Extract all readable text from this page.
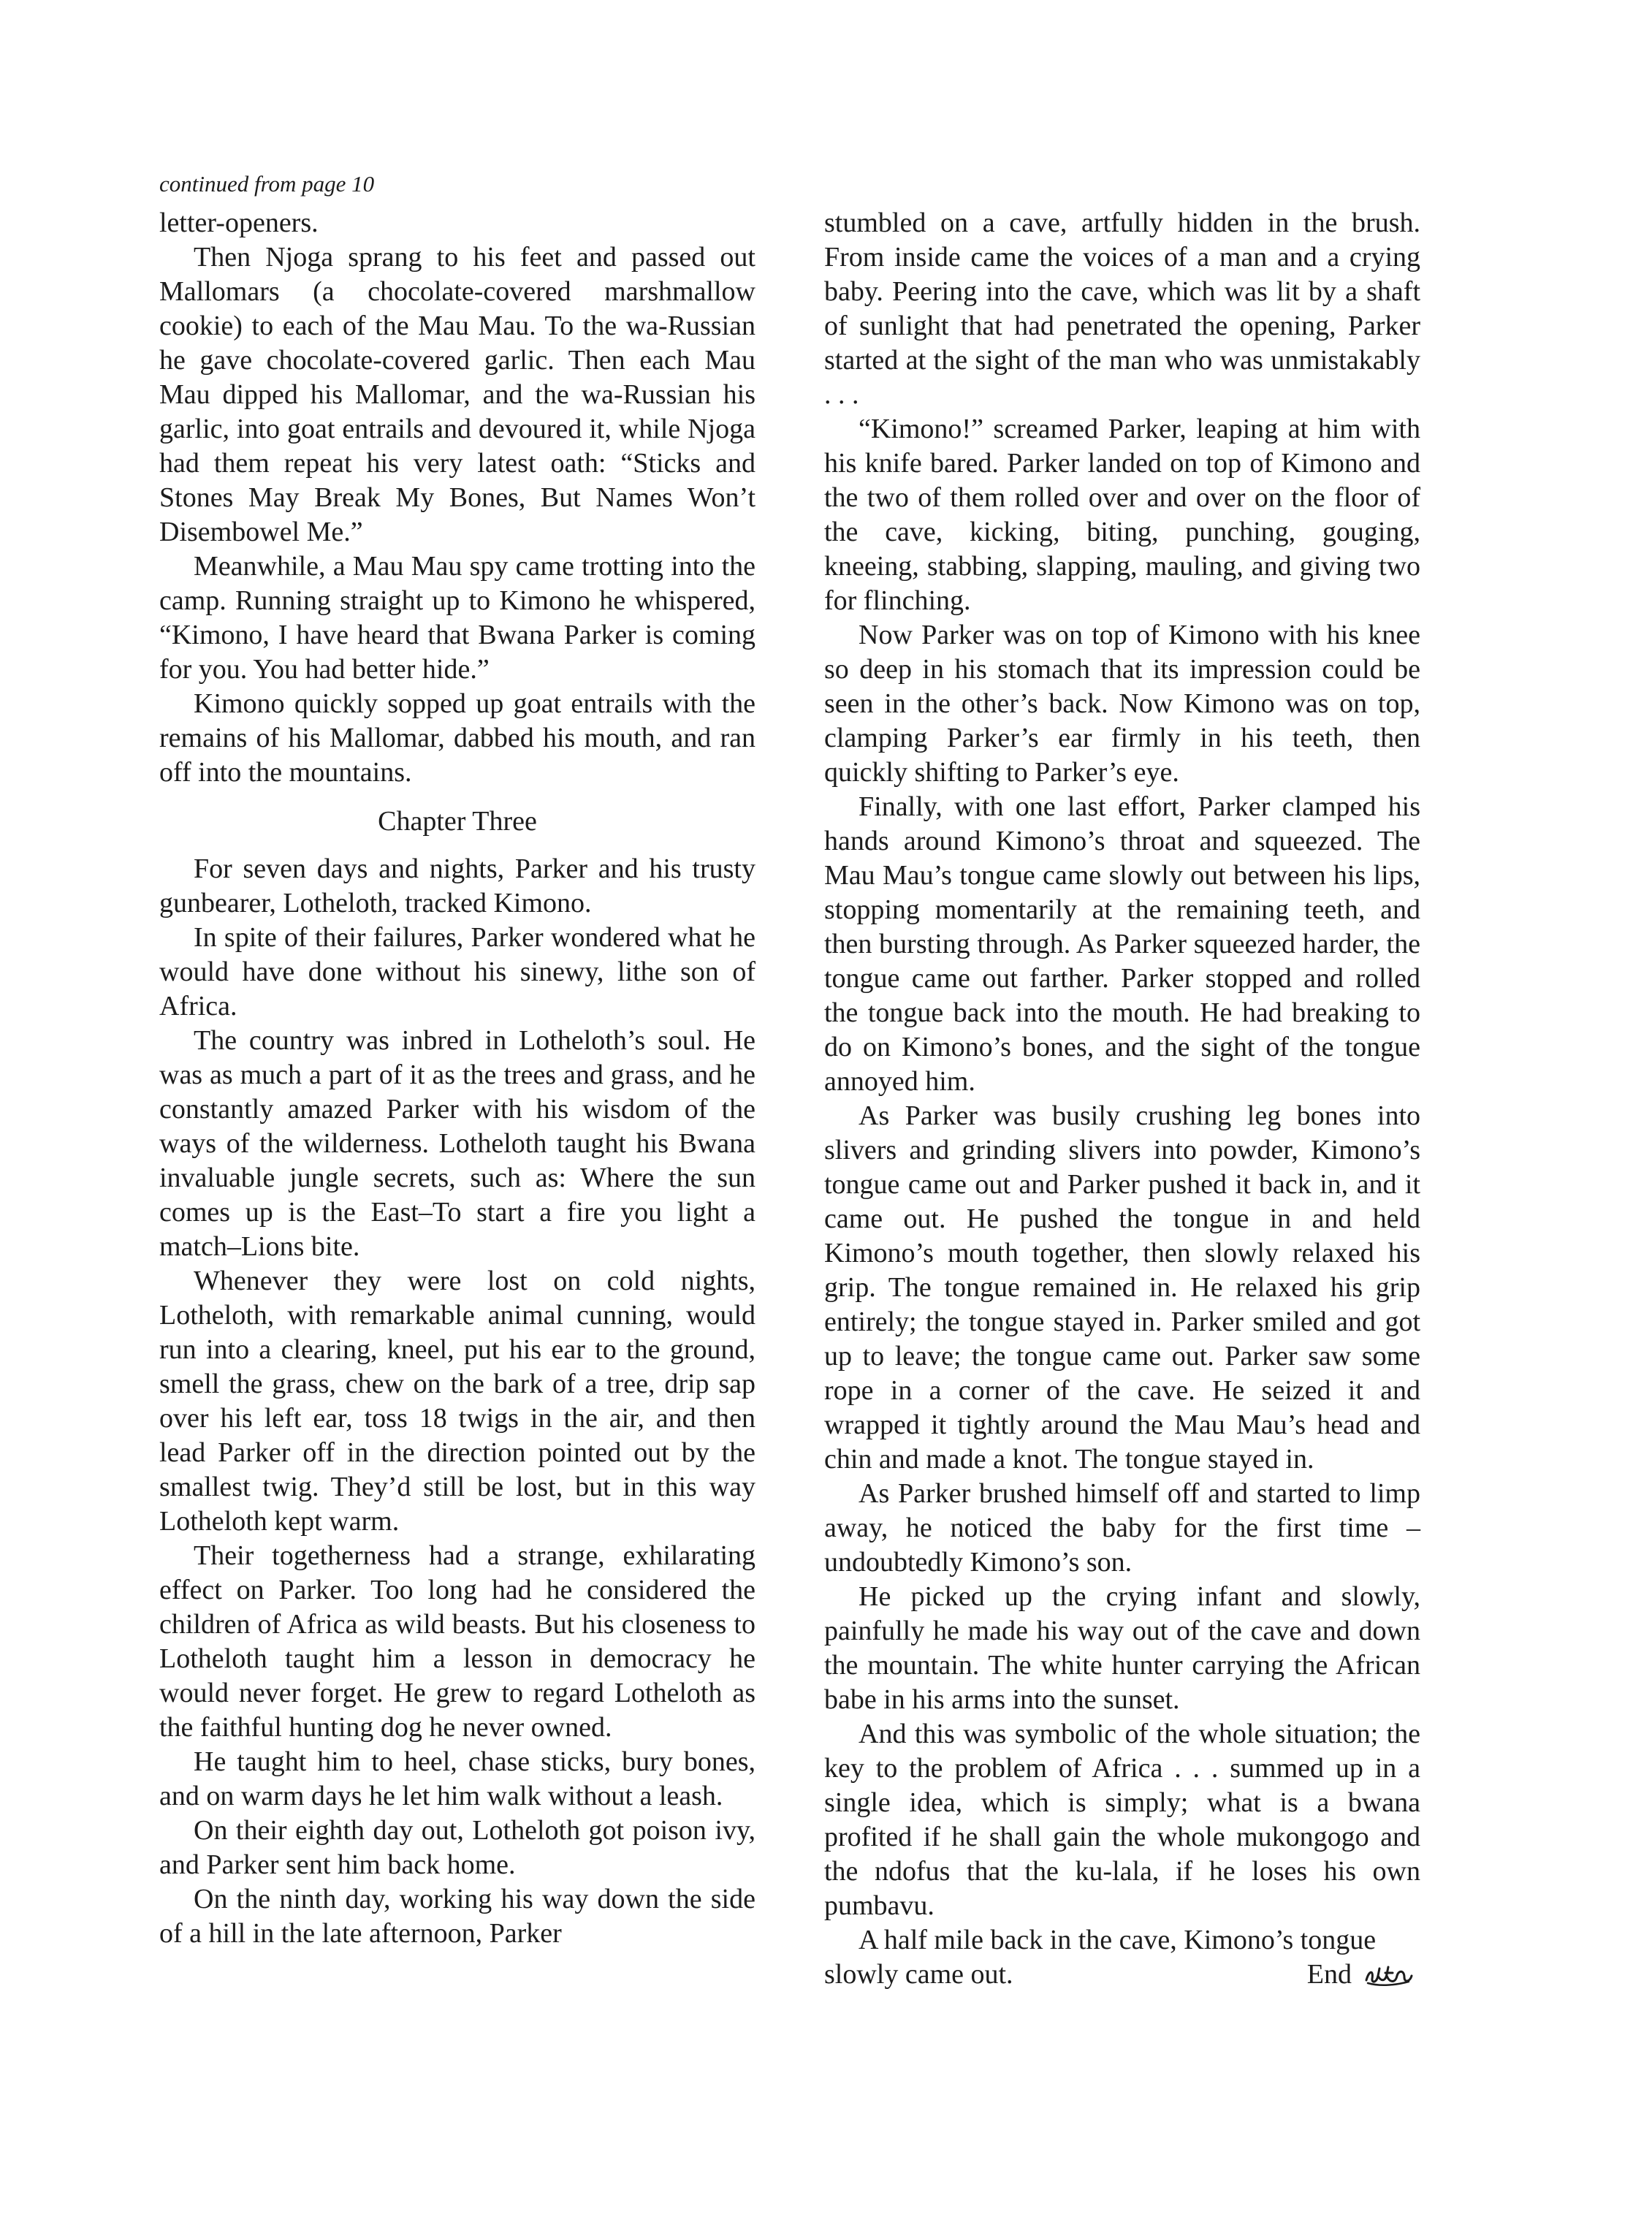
continued from page 10

letter-openers.

Then Njoga sprang to his feet and passed out Mallomars (a chocolate-covered marshmallow cookie) to each of the Mau Mau. To the wa-Russian he gave chocolate-covered garlic. Then each Mau Mau dipped his Mallomar, and the wa-Russian his garlic, into goat entrails and devoured it, while Njoga had them repeat his very latest oath: “Sticks and Stones May Break My Bones, But Names Won’t Disembowel Me.”

Meanwhile, a Mau Mau spy came trotting into the camp. Running straight up to Kimono he whispered, “Kimono, I have heard that Bwana Parker is coming for you. You had better hide.”

Kimono quickly sopped up goat entrails with the remains of his Mallomar, dabbed his mouth, and ran off into the mountains.

Chapter Three

For seven days and nights, Parker and his trusty gunbearer, Lotheloth, tracked Kimono.

In spite of their failures, Parker wondered what he would have done without his sinewy, lithe son of Africa.

The country was inbred in Lotheloth’s soul. He was as much a part of it as the trees and grass, and he constantly amazed Parker with his wisdom of the ways of the wilderness. Lotheloth taught his Bwana invaluable jungle secrets, such as: Where the sun comes up is the East–To start a fire you light a match–Lions bite.

Whenever they were lost on cold nights, Lotheloth, with remarkable animal cunning, would run into a clearing, kneel, put his ear to the ground, smell the grass, chew on the bark of a tree, drip sap over his left ear, toss 18 twigs in the air, and then lead Parker off in the direction pointed out by the smallest twig. They’d still be lost, but in this way Lotheloth kept warm.

Their togetherness had a strange, exhilarating effect on Parker. Too long had he considered the children of Africa as wild beasts. But his closeness to Lotheloth taught him a lesson in democracy he would never forget. He grew to regard Lotheloth as the faithful hunting dog he never owned.

He taught him to heel, chase sticks, bury bones, and on warm days he let him walk without a leash.

On their eighth day out, Lotheloth got poison ivy, and Parker sent him back home.

On the ninth day, working his way down the side of a hill in the late afternoon, Parker

stumbled on a cave, artfully hidden in the brush. From inside came the voices of a man and a crying baby. Peering into the cave, which was lit by a shaft of sunlight that had penetrated the opening, Parker started at the sight of the man who was unmistakably . . .

“Kimono!” screamed Parker, leaping at him with his knife bared. Parker landed on top of Kimono and the two of them rolled over and over on the floor of the cave, kicking, biting, punching, gouging, kneeing, stabbing, slapping, mauling, and giving two for flinching.

Now Parker was on top of Kimono with his knee so deep in his stomach that its impression could be seen in the other’s back. Now Kimono was on top, clamping Parker’s ear firmly in his teeth, then quickly shifting to Parker’s eye.

Finally, with one last effort, Parker clamped his hands around Kimono’s throat and squeezed. The Mau Mau’s tongue came slowly out between his lips, stopping momentarily at the remaining teeth, and then bursting through. As Parker squeezed harder, the tongue came out farther. Parker stopped and rolled the tongue back into the mouth. He had breaking to do on Kimono’s bones, and the sight of the tongue annoyed him.

As Parker was busily crushing leg bones into slivers and grinding slivers into powder, Kimono’s tongue came out and Parker pushed it back in, and it came out. He pushed the tongue in and held Kimono’s mouth together, then slowly relaxed his grip. The tongue remained in. He relaxed his grip entirely; the tongue stayed in. Parker smiled and got up to leave; the tongue came out. Parker saw some rope in a corner of the cave. He seized it and wrapped it tightly around the Mau Mau’s head and chin and made a knot. The tongue stayed in.

As Parker brushed himself off and started to limp away, he noticed the baby for the first time – undoubtedly Kimono’s son.

He picked up the crying infant and slowly, painfully he made his way out of the cave and down the mountain. The white hunter carrying the African babe in his arms into the sunset.

And this was symbolic of the whole situation; the key to the problem of Africa . . . summed up in a single idea, which is simply; what is a bwana profited if he shall gain the whole mukongogo and the ndofus that the ku-lala, if he loses his own pumbavu.

A half mile back in the cave, Kimono’s tongue

slowly came out.	End
